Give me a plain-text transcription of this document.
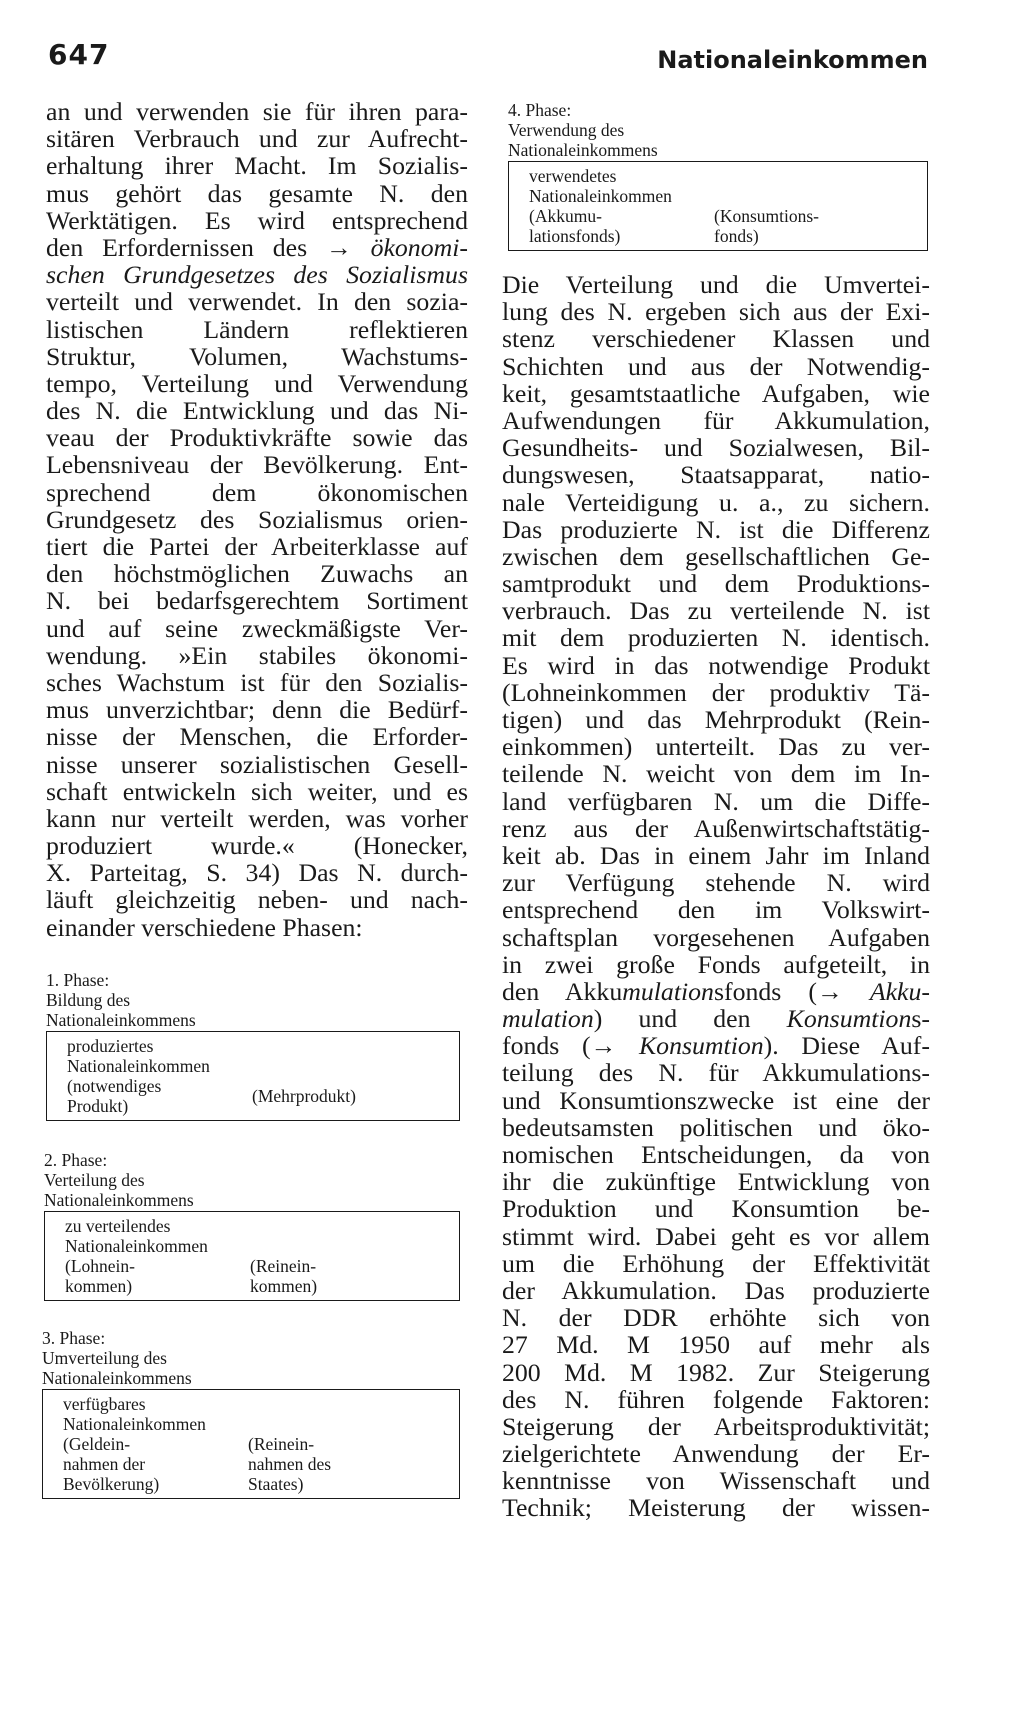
647	Nationaleinkommen
an und verwenden sie für ihren para-
sitären Verbrauch und zur Aufrecht-
erhaltung ihrer Macht. Im Sozialis-
mus gehört das gesamte N. den
Werktätigen. Es wird entsprechend
den Erfordernissen des → ökonomi-
schen Grundgesetzes des Sozialismus
verteilt und verwendet. In den sozia-
listischen Ländern reflektieren
Struktur, Volumen, Wachstums-
tempo, Verteilung und Verwendung
des N. die Entwicklung und das Ni-
veau der Produktivkräfte sowie das
Lebensniveau der Bevölkerung. Ent-
sprechend dem ökonomischen
Grundgesetz des Sozialismus orien-
tiert die Partei der Arbeiterklasse auf
den höchstmöglichen Zuwachs an
N. bei bedarfsgerechtem Sortiment
und auf seine zweckmäßigste Ver-
wendung. »Ein stabiles ökonomi-
sches Wachstum ist für den Sozialis-
mus unverzichtbar; denn die Bedürf-
nisse der Menschen, die Erforder-
nisse unserer sozialistischen Gesell-
schaft entwickeln sich weiter, und es
kann nur verteilt werden, was vorher
produziert wurde.« (Honecker,
X. Parteitag, S. 34) Das N. durch-
läuft gleichzeitig neben- und nach-
einander verschiedene Phasen:
1. Phase:
Bildung des
Nationaleinkommens
produziertes
Nationaleinkommen
(notwendiges
Produkt)	(Mehrprodukt)
2. Phase:
Verteilung des
Nationaleinkommens
zu verteilendes
Nationaleinkommen
(Lohnein-
kommen)
(Reinein-
kommen)
3. Phase:
Umverteilung des
Nationaleinkommens
verfügbares
Nationaleinkommen
(Geldein-
nahmen der
Bevölkerung)
(Reinein-
nahmen des
Staates)
4. Phase:
Verwendung des
Nationaleinkommens
verwendetes
Nationaleinkommen
(Akkumu-
lationsfonds)
(Konsumtions-
fonds)
Die Verteilung und die Umvertei-
lung des N. ergeben sich aus der Exi-
stenz verschiedener Klassen und
Schichten und aus der Notwendig-
keit, gesamtstaatliche Aufgaben, wie
Aufwendungen für Akkumulation,
Gesundheits- und Sozialwesen, Bil-
dungswesen, Staatsapparat, natio-
nale Verteidigung u. a., zu sichern.
Das produzierte N. ist die Differenz
zwischen dem gesellschaftlichen Ge-
samtprodukt und dem Produktions-
verbrauch. Das zu verteilende N. ist
mit dem produzierten N. identisch.
Es wird in das notwendige Produkt
(Lohneinkommen der produktiv Tä-
tigen) und das Mehrprodukt (Rein-
einkommen) unterteilt. Das zu ver-
teilende N. weicht von dem im In-
land verfügbaren N. um die Diffe-
renz aus der Außenwirtschaftstätig-
keit ab. Das in einem Jahr im Inland
zur Verfügung stehende N. wird
entsprechend den im Volkswirt-
schaftsplan vorgesehenen Aufgaben
in zwei große Fonds aufgeteilt, in
den Akkumulationsfonds (→ Akku-
mulation) und den Konsumtions-
fonds (→ Konsumtion). Diese Auf-
teilung des N. für Akkumulations-
und Konsumtionszwecke ist eine der
bedeutsamsten politischen und öko-
nomischen Entscheidungen, da von
ihr die zukünftige Entwicklung von
Produktion und Konsumtion be-
stimmt wird. Dabei geht es vor allem
um die Erhöhung der Effektivität
der Akkumulation. Das produzierte
N. der DDR erhöhte sich von
27 Md. M 1950 auf mehr als
200 Md. M 1982. Zur Steigerung
des N. führen folgende Faktoren:
Steigerung der Arbeitsproduktivität;
zielgerichtete Anwendung der Er-
kenntnisse von Wissenschaft und
Technik; Meisterung der wissen-
